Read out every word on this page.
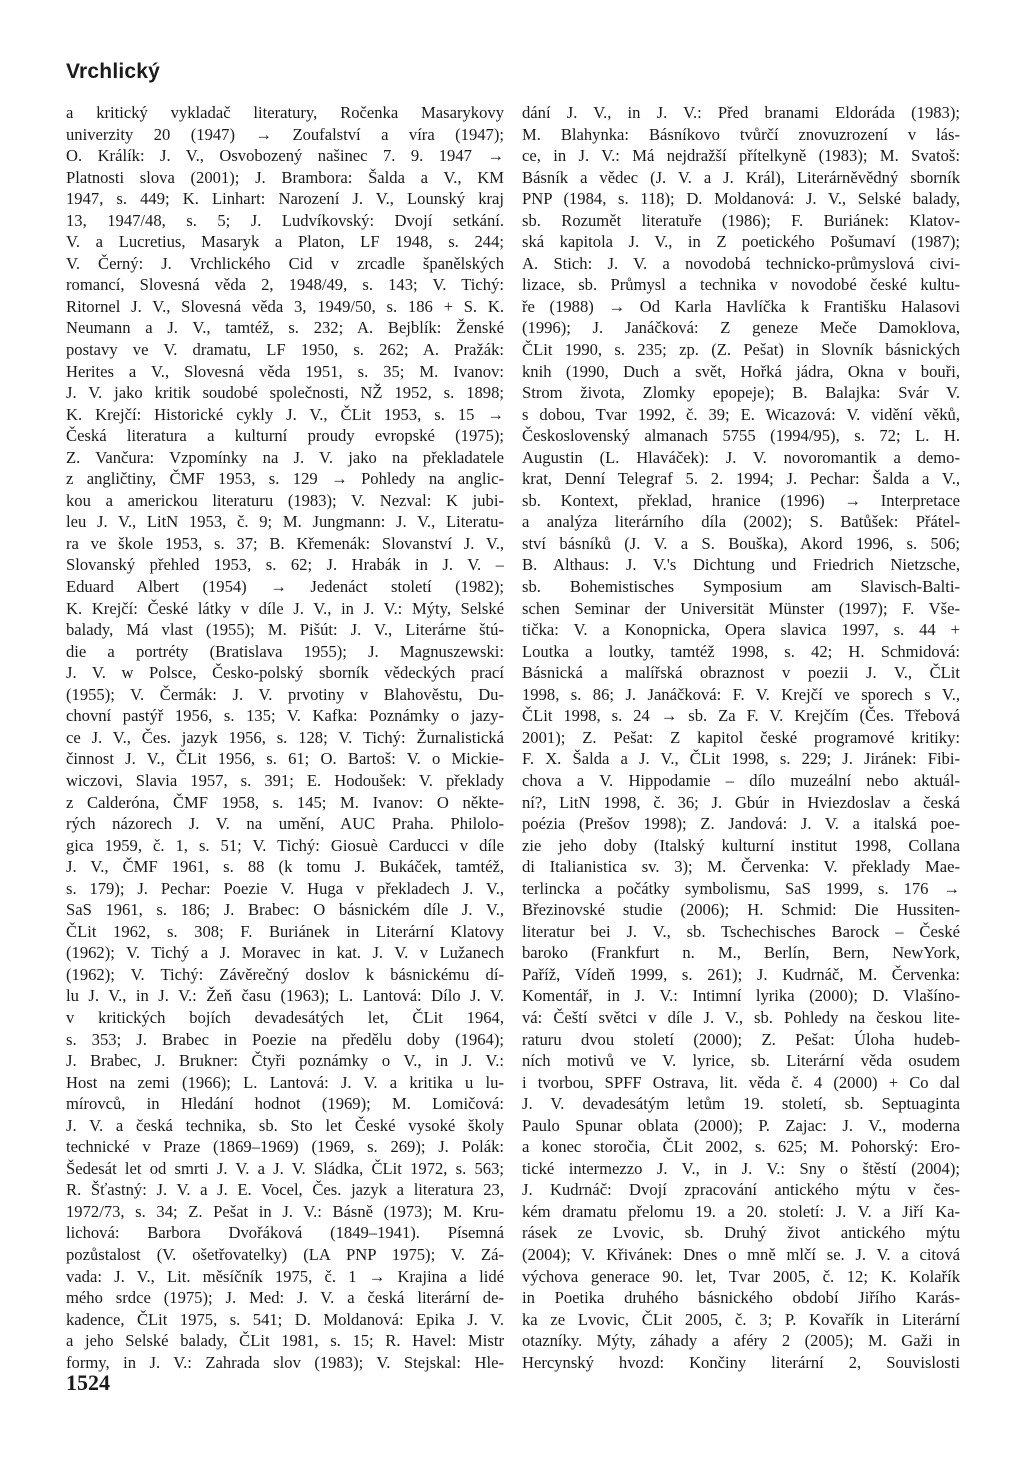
Vrchlický
a kritický vykladač literatury, Ročenka Masarykovy
univerzity 20 (1947) → Zoufalství a víra (1947);
O. Králík: J. V., Osvobozený našinec 7. 9. 1947 →
Platnosti slova (2001); J. Brambora: Šalda a V., KM
1947, s. 449; K. Linhart: Narození J. V., Lounský kraj
13, 1947/48, s. 5; J. Ludvíkovský: Dvojí setkání.
V. a Lucretius, Masaryk a Platon, LF 1948, s. 244;
V. Černý: J. Vrchlického Cid v zrcadle španělských
romancí, Slovesná věda 2, 1948/49, s. 143; V. Tichý:
Ritornel J. V., Slovesná věda 3, 1949/50, s. 186 + S. K.
Neumann a J. V., tamtéž, s. 232; A. Bejblík: Ženské
postavy ve V. dramatu, LF 1950, s. 262; A. Pražák:
Herites a V., Slovesná věda 1951, s. 35; M. Ivanov:
J. V. jako kritik soudobé společnosti, NŽ 1952, s. 1898;
K. Krejčí: Historické cykly J. V., ČLit 1953, s. 15 →
Česká literatura a kulturní proudy evropské (1975);
Z. Vančura: Vzpomínky na J. V. jako na překladatele
z angličtiny, ČMF 1953, s. 129 → Pohledy na anglic-
kou a americkou literaturu (1983); V. Nezval: K jubi-
leu J. V., LitN 1953, č. 9; M. Jungmann: J. V., Literatu-
ra ve škole 1953, s. 37; B. Křemenák: Slovanství J. V.,
Slovanský přehled 1953, s. 62; J. Hrabák in J. V. –
Eduard Albert (1954) → Jedenáct století (1982);
K. Krejčí: České látky v díle J. V., in J. V.: Mýty, Selské
balady, Má vlast (1955); M. Pišút: J. V., Literárne štú-
die a portréty (Bratislava 1955); J. Magnuszewski:
J. V. w Polsce, Česko-polský sborník vědeckých prací
(1955); V. Čermák: J. V. prvotiny v Blahověstu, Du-
chovní pastýř 1956, s. 135; V. Kafka: Poznámky o jazy-
ce J. V., Čes. jazyk 1956, s. 128; V. Tichý: Žurnalistická
činnost J. V., ČLit 1956, s. 61; O. Bartoš: V. o Mickie-
wiczovi, Slavia 1957, s. 391; E. Hodoušek: V. překlady
z Calderóna, ČMF 1958, s. 145; M. Ivanov: O někte-
rých názorech J. V. na umění, AUC Praha. Philolo-
gica 1959, č. 1, s. 51; V. Tichý: Giosuè Carducci v díle
J. V., ČMF 1961, s. 88 (k tomu J. Bukáček, tamtéž,
s. 179); J. Pechar: Poezie V. Huga v překladech J. V.,
SaS 1961, s. 186; J. Brabec: O básnickém díle J. V.,
ČLit 1962, s. 308; F. Buriánek in Literární Klatovy
(1962); V. Tichý a J. Moravec in kat. J. V. v Lužanech
(1962); V. Tichý: Závěrečný doslov k básnickému dí-
lu J. V., in J. V.: Žeň času (1963); L. Lantová: Dílo J. V.
v kritických bojích devadesátých let, ČLit 1964,
s. 353; J. Brabec in Poezie na předělu doby (1964);
J. Brabec, J. Brukner: Čtyři poznámky o V., in J. V.:
Host na zemi (1966); L. Lantová: J. V. a kritika u lu-
mírovců, in Hledání hodnot (1969); M. Lomičová:
J. V. a česká technika, sb. Sto let České vysoké školy
technické v Praze (1869–1969) (1969, s. 269); J. Polák:
Šedesát let od smrti J. V. a J. V. Sládka, ČLit 1972, s. 563;
R. Šťastný: J. V. a J. E. Vocel, Čes. jazyk a literatura 23,
1972/73, s. 34; Z. Pešat in J. V.: Básně (1973); M. Kru-
lichová: Barbora Dvořáková (1849–1941). Písemná
pozůstalost (V. ošetřovatelky) (LA PNP 1975); V. Zá-
vada: J. V., Lit. měsíčník 1975, č. 1 → Krajina a lidé
mého srdce (1975); J. Med: J. V. a česká literární de-
kadence, ČLit 1975, s. 541; D. Moldanová: Epika J. V.
a jeho Selské balady, ČLit 1981, s. 15; R. Havel: Mistr
formy, in J. V.: Zahrada slov (1983); V. Stejskal: Hle-
dání J. V., in J. V.: Před branami Eldoráda (1983);
M. Blahynka: Básníkovo tvůrčí znovuzrození v lás-
ce, in J. V.: Má nejdražší přítelkyně (1983); M. Svatoš:
Básník a vědec (J. V. a J. Král), Literárněvědný sborník
PNP (1984, s. 118); D. Moldanová: J. V., Selské balady,
sb. Rozumět literatuře (1986); F. Buriánek: Klatov-
ská kapitola J. V., in Z poetického Pošumaví (1987);
A. Stich: J. V. a novodobá technicko-průmyslová civi-
lizace, sb. Průmysl a technika v novodobé české kultu-
ře (1988) → Od Karla Havlíčka k Františku Halasovi
(1996); J. Janáčková: Z geneze Meče Damoklova,
ČLit 1990, s. 235; zp. (Z. Pešat) in Slovník básnických
knih (1990, Duch a svět, Hořká jádra, Okna v bouři,
Strom života, Zlomky epopeje); B. Balajka: Svár V.
s dobou, Tvar 1992, č. 39; E. Wicazová: V. vidění věků,
Československý almanach 5755 (1994/95), s. 72; L. H.
Augustin (L. Hlaváček): J. V. novoromantik a demo-
krat, Denní Telegraf 5. 2. 1994; J. Pechar: Šalda a V.,
sb. Kontext, překlad, hranice (1996) → Interpretace
a analýza literárního díla (2002); S. Batůšek: Přátel-
ství básníků (J. V. a S. Bouška), Akord 1996, s. 506;
B. Althaus: J. V.'s Dichtung und Friedrich Nietzsche,
sb. Bohemistisches Symposium am Slavisch-Balti-
schen Seminar der Universität Münster (1997); F. Vše-
tička: V. a Konopnicka, Opera slavica 1997, s. 44 +
Loutka a loutky, tamtéž 1998, s. 42; H. Schmidová:
Básnická a malířská obraznost v poezii J. V., ČLit
1998, s. 86; J. Janáčková: F. V. Krejčí ve sporech s V.,
ČLit 1998, s. 24 → sb. Za F. V. Krejčím (Čes. Třebová
2001); Z. Pešat: Z kapitol české programové kritiky:
F. X. Šalda a J. V., ČLit 1998, s. 229; J. Jiránek: Fibi-
chova a V. Hippodamie – dílo muzeální nebo aktuál-
ní?, LitN 1998, č. 36; J. Gbúr in Hviezdoslav a česká
poézia (Prešov 1998); Z. Jandová: J. V. a italská poe-
zie jeho doby (Italský kulturní institut 1998, Collana
di Italianistica sv. 3); M. Červenka: V. překlady Mae-
terlincka a počátky symbolismu, SaS 1999, s. 176 →
Březinovské studie (2006); H. Schmid: Die Hussiten-
literatur bei J. V., sb. Tschechisches Barock – České
baroko (Frankfurt n. M., Berlín, Bern, NewYork,
Paříž, Vídeň 1999, s. 261); J. Kudrnáč, M. Červenka:
Komentář, in J. V.: Intimní lyrika (2000); D. Vlašíno-
vá: Čeští světci v díle J. V., sb. Pohledy na českou lite-
raturu dvou století (2000); Z. Pešat: Úloha hudeb-
ních motivů ve V. lyrice, sb. Literární věda osudem
i tvorbou, SPFF Ostrava, lit. věda č. 4 (2000) + Co dal
J. V. devadesátým letům 19. století, sb. Septuaginta
Paulo Spunar oblata (2000); P. Zajac: J. V., moderna
a konec storočia, ČLit 2002, s. 625; M. Pohorský: Ero-
tické intermezzo J. V., in J. V.: Sny o štěstí (2004);
J. Kudrnáč: Dvojí zpracování antického mýtu v čes-
kém dramatu přelomu 19. a 20. století: J. V. a Jiří Ka-
rásek ze Lvovic, sb. Druhý život antického mýtu
(2004); V. Křivánek: Dnes o mně mlčí se. J. V. a citová
výchova generace 90. let, Tvar 2005, č. 12; K. Kolařík
in Poetika druhého básnického období Jiřího Karás-
ka ze Lvovic, ČLit 2005, č. 3; P. Kovařík in Literární
otazníky. Mýty, záhady a aféry 2 (2005); M. Gaži in
Hercynský hvozd: Končiny literární 2, Souvislosti
1524
